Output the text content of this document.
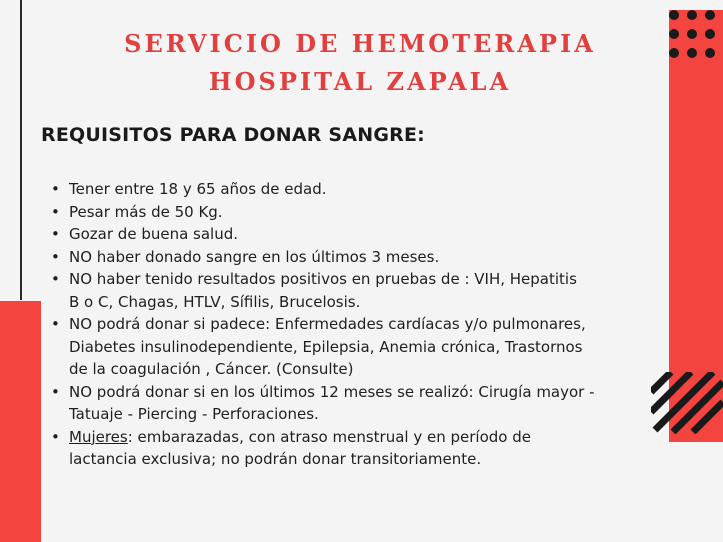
SERVICIO DE HEMOTERAPIA
HOSPITAL ZAPALA
REQUISITOS PARA DONAR SANGRE:
• Tener entre 18 y 65 años de edad.
• Pesar más de 50 Kg.
• Gozar de buena salud.
• NO haber donado sangre en los últimos 3 meses.
• NO haber tenido resultados positivos en pruebas de : VIH, Hepatitis
B o C, Chagas, HTLV, Sífilis, Brucelosis.
• NO podrá donar si padece: Enfermedades cardíacas y/o pulmonares,
Diabetes insulinodependiente, Epilepsia, Anemia crónica, Trastornos
de la coagulación , Cáncer. (Consulte)
• NO podrá donar si en los últimos 12 meses se realizó: Cirugía mayor -
Tatuaje - Piercing - Perforaciones.
• Mujeres: embarazadas, con atraso menstrual y en período de
lactancia exclusiva; no podrán donar transitoriamente.
